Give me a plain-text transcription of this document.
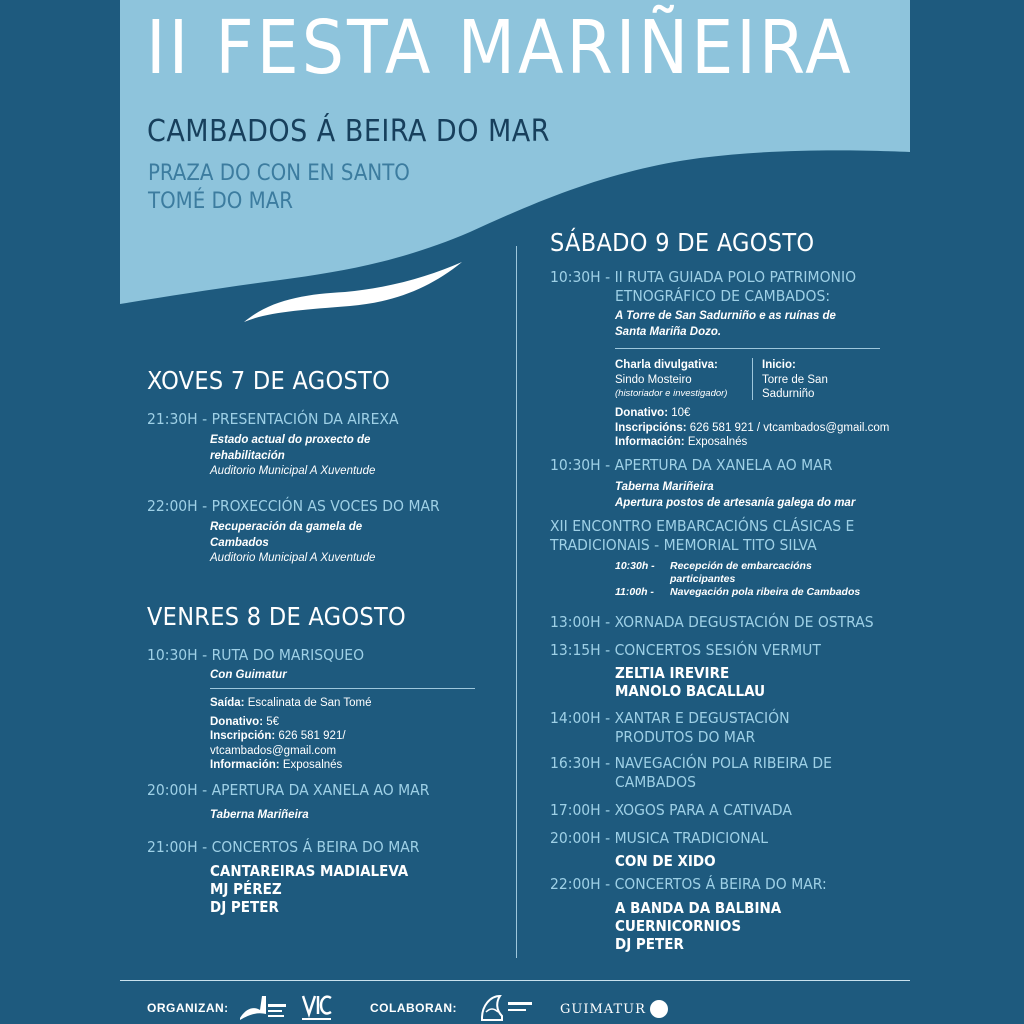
II FESTA MARIÑEIRA
CAMBADOS Á BEIRA DO MAR
PRAZA DO CON EN SANTO
TOMÉ DO MAR
XOVES 7 DE AGOSTO
21:30H - PRESENTACIÓN DA AIREXA
Estado actual do proxecto de
rehabilitación
Auditorio Municipal A Xuventude
22:00H - PROXECCIÓN AS VOCES DO MAR
Recuperación da gamela de
Cambados
Auditorio Municipal A Xuventude
VENRES 8 DE AGOSTO
10:30H - RUTA DO MARISQUEO
Con Guimatur
Saída: Escalinata de San Tomé
Donativo: 5€
Inscripción: 626 581 921/
vtcambados@gmail.com
Información: Exposalnés
20:00H - APERTURA DA XANELA AO MAR
Taberna Mariñeira
21:00H - CONCERTOS Á BEIRA DO MAR
CANTAREIRAS MADIALEVA
MJ PÉREZ
DJ PETER
SÁBADO 9 DE AGOSTO
10:30H - II RUTA GUIADA POLO PATRIMONIO
ETNOGRÁFICO DE CAMBADOS:
A Torre de San Sadurniño e as ruínas de
Santa Mariña Dozo.
Charla divulgativa:
Sindo Mosteiro
(historiador e investigador)
Inicio:
Torre de San
Sadurniño
Donativo: 10€
Inscripcións: 626 581 921 / vtcambados@gmail.com
Información: Exposalnés
10:30H - APERTURA DA XANELA AO MAR
Taberna Mariñeira
Apertura postos de artesanía galega do mar
XII ENCONTRO EMBARCACIÓNS CLÁSICAS E
TRADICIONAIS - MEMORIAL TITO SILVA
10:30h -	Recepción de embarcacións
participantes
11:00h -	Navegación pola ribeira de Cambados
13:00H - XORNADA DEGUSTACIÓN DE OSTRAS
13:15H - CONCERTOS SESIÓN VERMUT
ZELTIA IREVIRE
MANOLO BACALLAU
14:00H - XANTAR E DEGUSTACIÓN
PRODUTOS DO MAR
16:30H - NAVEGACIÓN POLA RIBEIRA DE
CAMBADOS
17:00H - XOGOS PARA A CATIVADA
20:00H - MUSICA TRADICIONAL
CON DE XIDO
22:00H - CONCERTOS Á BEIRA DO MAR:
A BANDA DA BALBINA
CUERNICORNIOS
DJ PETER
ORGANIZAN:	COLABORAN:	GUIMATUR
